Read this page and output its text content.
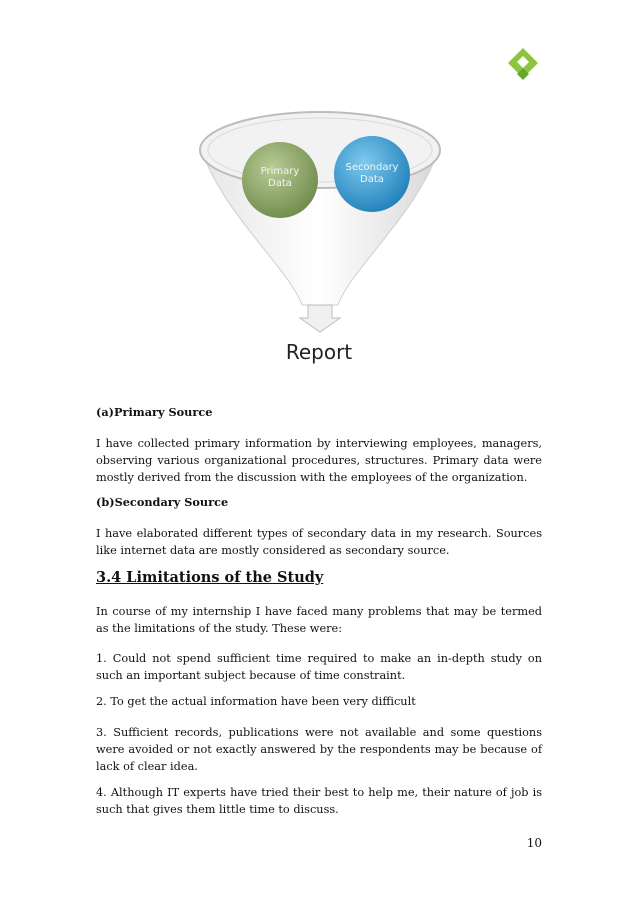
Primary Data
Secondary Data
Report

(a)Primary Source

I have collected primary information by interviewing employees, managers, observing various organizational procedures, structures. Primary data were mostly derived from the discussion with the employees of the organization.

(b)Secondary Source

I have elaborated different types of secondary data in my research. Sources like internet data are mostly considered as secondary source.

3.4 Limitations of the Study

In course of my internship I have faced many problems that may be termed as the limitations of the study. These were:

1. Could not spend sufficient time required to make an in-depth study on such an important subject because of time constraint.

2. To get the actual information have been very difficult

3. Sufficient records, publications were not available and some questions were avoided or not exactly answered by the respondents may be because of lack of clear idea.

4. Although IT experts have tried their best to help me, their nature of job is such that gives them little time to discuss.

10
